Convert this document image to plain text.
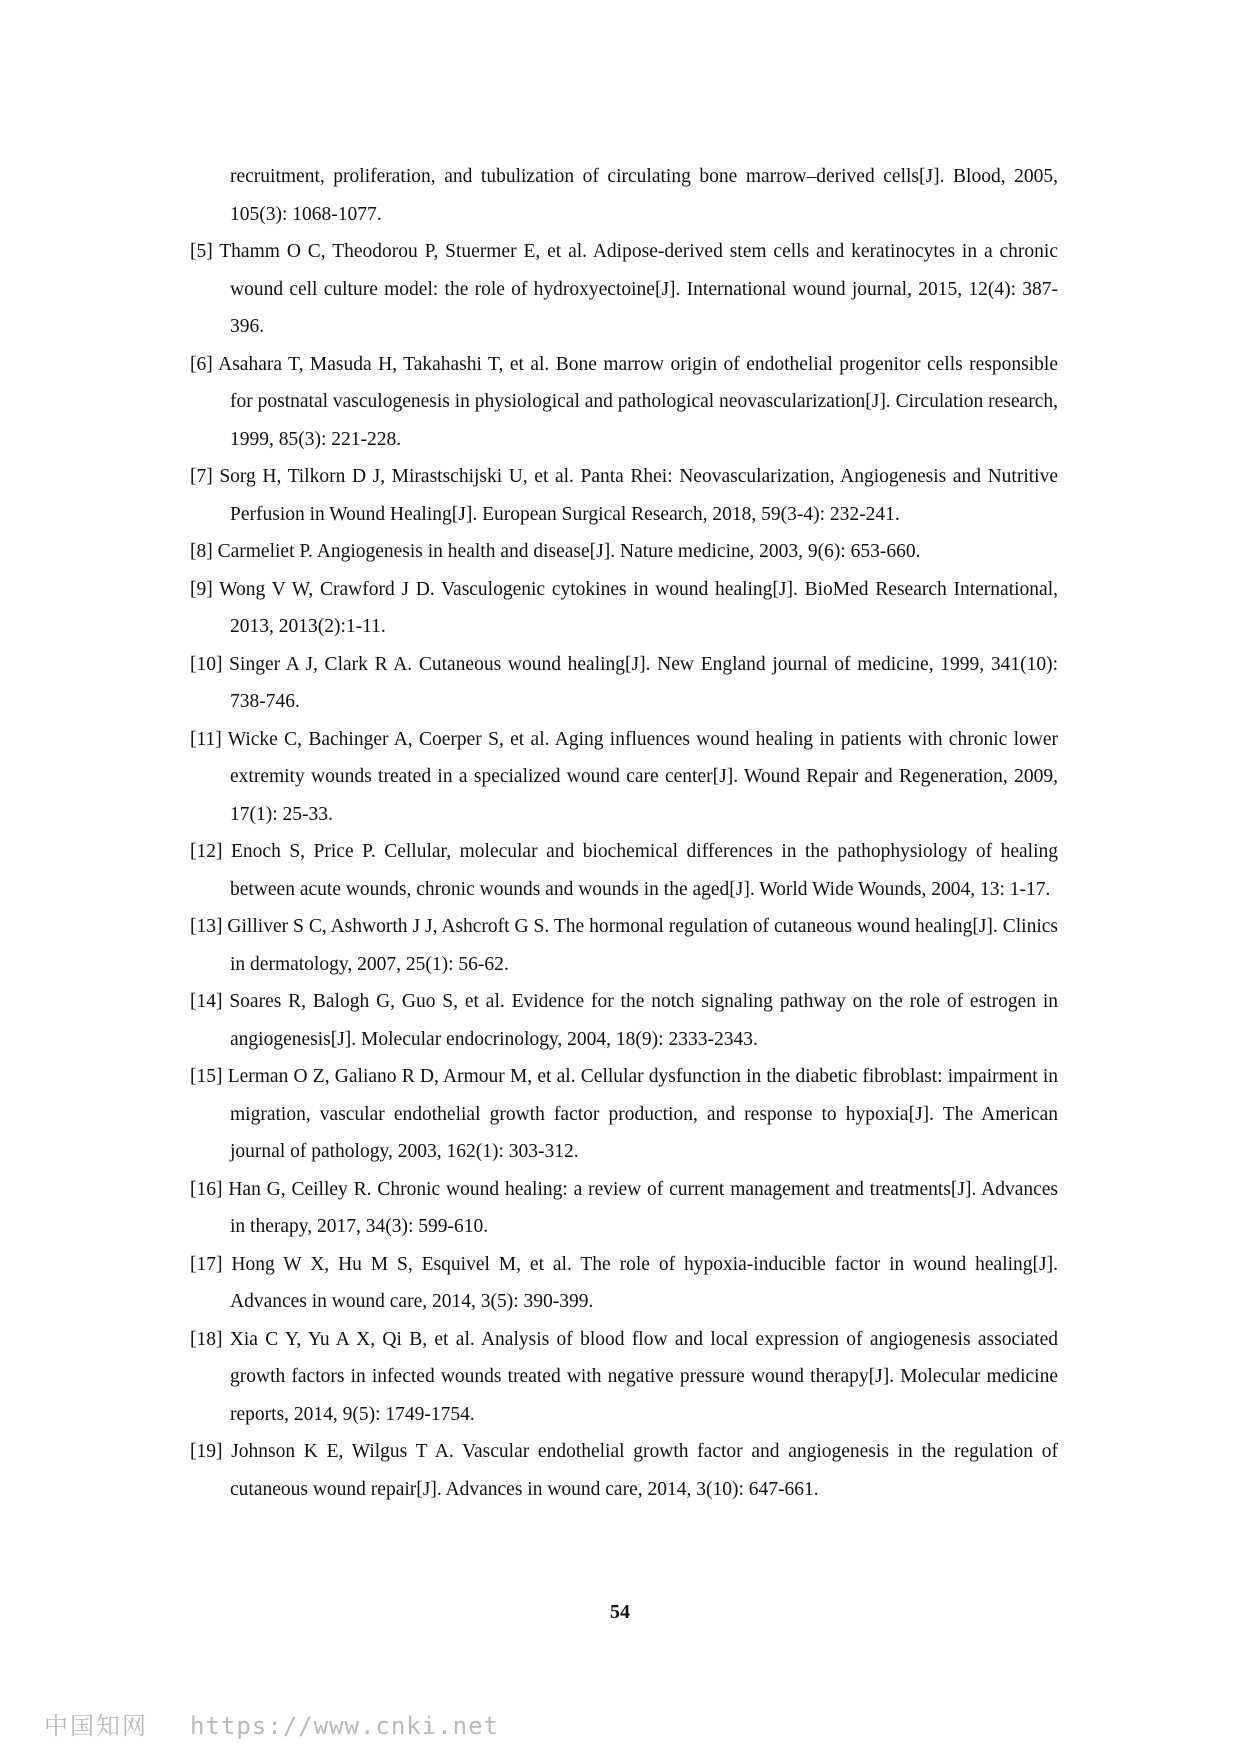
recruitment, proliferation, and tubulization of circulating bone marrow–derived cells[J]. Blood, 2005, 105(3): 1068-1077.

[5] Thamm O C, Theodorou P, Stuermer E, et al. Adipose‐derived stem cells and keratinocytes in a chronic wound cell culture model: the role of hydroxyectoine[J]. International wound journal, 2015, 12(4): 387-396.

[6] Asahara T, Masuda H, Takahashi T, et al. Bone marrow origin of endothelial progenitor cells responsible for postnatal vasculogenesis in physiological and pathological neovascularization[J]. Circulation research, 1999, 85(3): 221-228.

[7] Sorg H, Tilkorn D J, Mirastschijski U, et al. Panta Rhei: Neovascularization, Angiogenesis and Nutritive Perfusion in Wound Healing[J]. European Surgical Research, 2018, 59(3-4): 232-241.

[8] Carmeliet P. Angiogenesis in health and disease[J]. Nature medicine, 2003, 9(6): 653-660.

[9] Wong V W, Crawford J D. Vasculogenic cytokines in wound healing[J]. BioMed Research International, 2013, 2013(2):1-11.

[10] Singer A J, Clark R A. Cutaneous wound healing[J]. New England journal of medicine, 1999, 341(10): 738-746.

[11] Wicke C, Bachinger A, Coerper S, et al. Aging influences wound healing in patients with chronic lower extremity wounds treated in a specialized wound care center[J]. Wound Repair and Regeneration, 2009, 17(1): 25-33.

[12] Enoch S, Price P. Cellular, molecular and biochemical differences in the pathophysiology of healing between acute wounds, chronic wounds and wounds in the aged[J]. World Wide Wounds, 2004, 13: 1-17.

[13] Gilliver S C, Ashworth J J, Ashcroft G S. The hormonal regulation of cutaneous wound healing[J]. Clinics in dermatology, 2007, 25(1): 56-62.

[14] Soares R, Balogh G, Guo S, et al. Evidence for the notch signaling pathway on the role of estrogen in angiogenesis[J]. Molecular endocrinology, 2004, 18(9): 2333-2343.

[15] Lerman O Z, Galiano R D, Armour M, et al. Cellular dysfunction in the diabetic fibroblast: impairment in migration, vascular endothelial growth factor production, and response to hypoxia[J]. The American journal of pathology, 2003, 162(1): 303-312.

[16] Han G, Ceilley R. Chronic wound healing: a review of current management and treatments[J]. Advances in therapy, 2017, 34(3): 599-610.

[17] Hong W X, Hu M S, Esquivel M, et al. The role of hypoxia-inducible factor in wound healing[J]. Advances in wound care, 2014, 3(5): 390-399.

[18] Xia C Y, Yu A X, Qi B, et al. Analysis of blood flow and local expression of angiogenesis associated growth factors in infected wounds treated with negative pressure wound therapy[J]. Molecular medicine reports, 2014, 9(5): 1749-1754.

[19] Johnson K E, Wilgus T A. Vascular endothelial growth factor and angiogenesis in the regulation of cutaneous wound repair[J]. Advances in wound care, 2014, 3(10): 647-661.

54
中国知网 https://www.cnki.net
